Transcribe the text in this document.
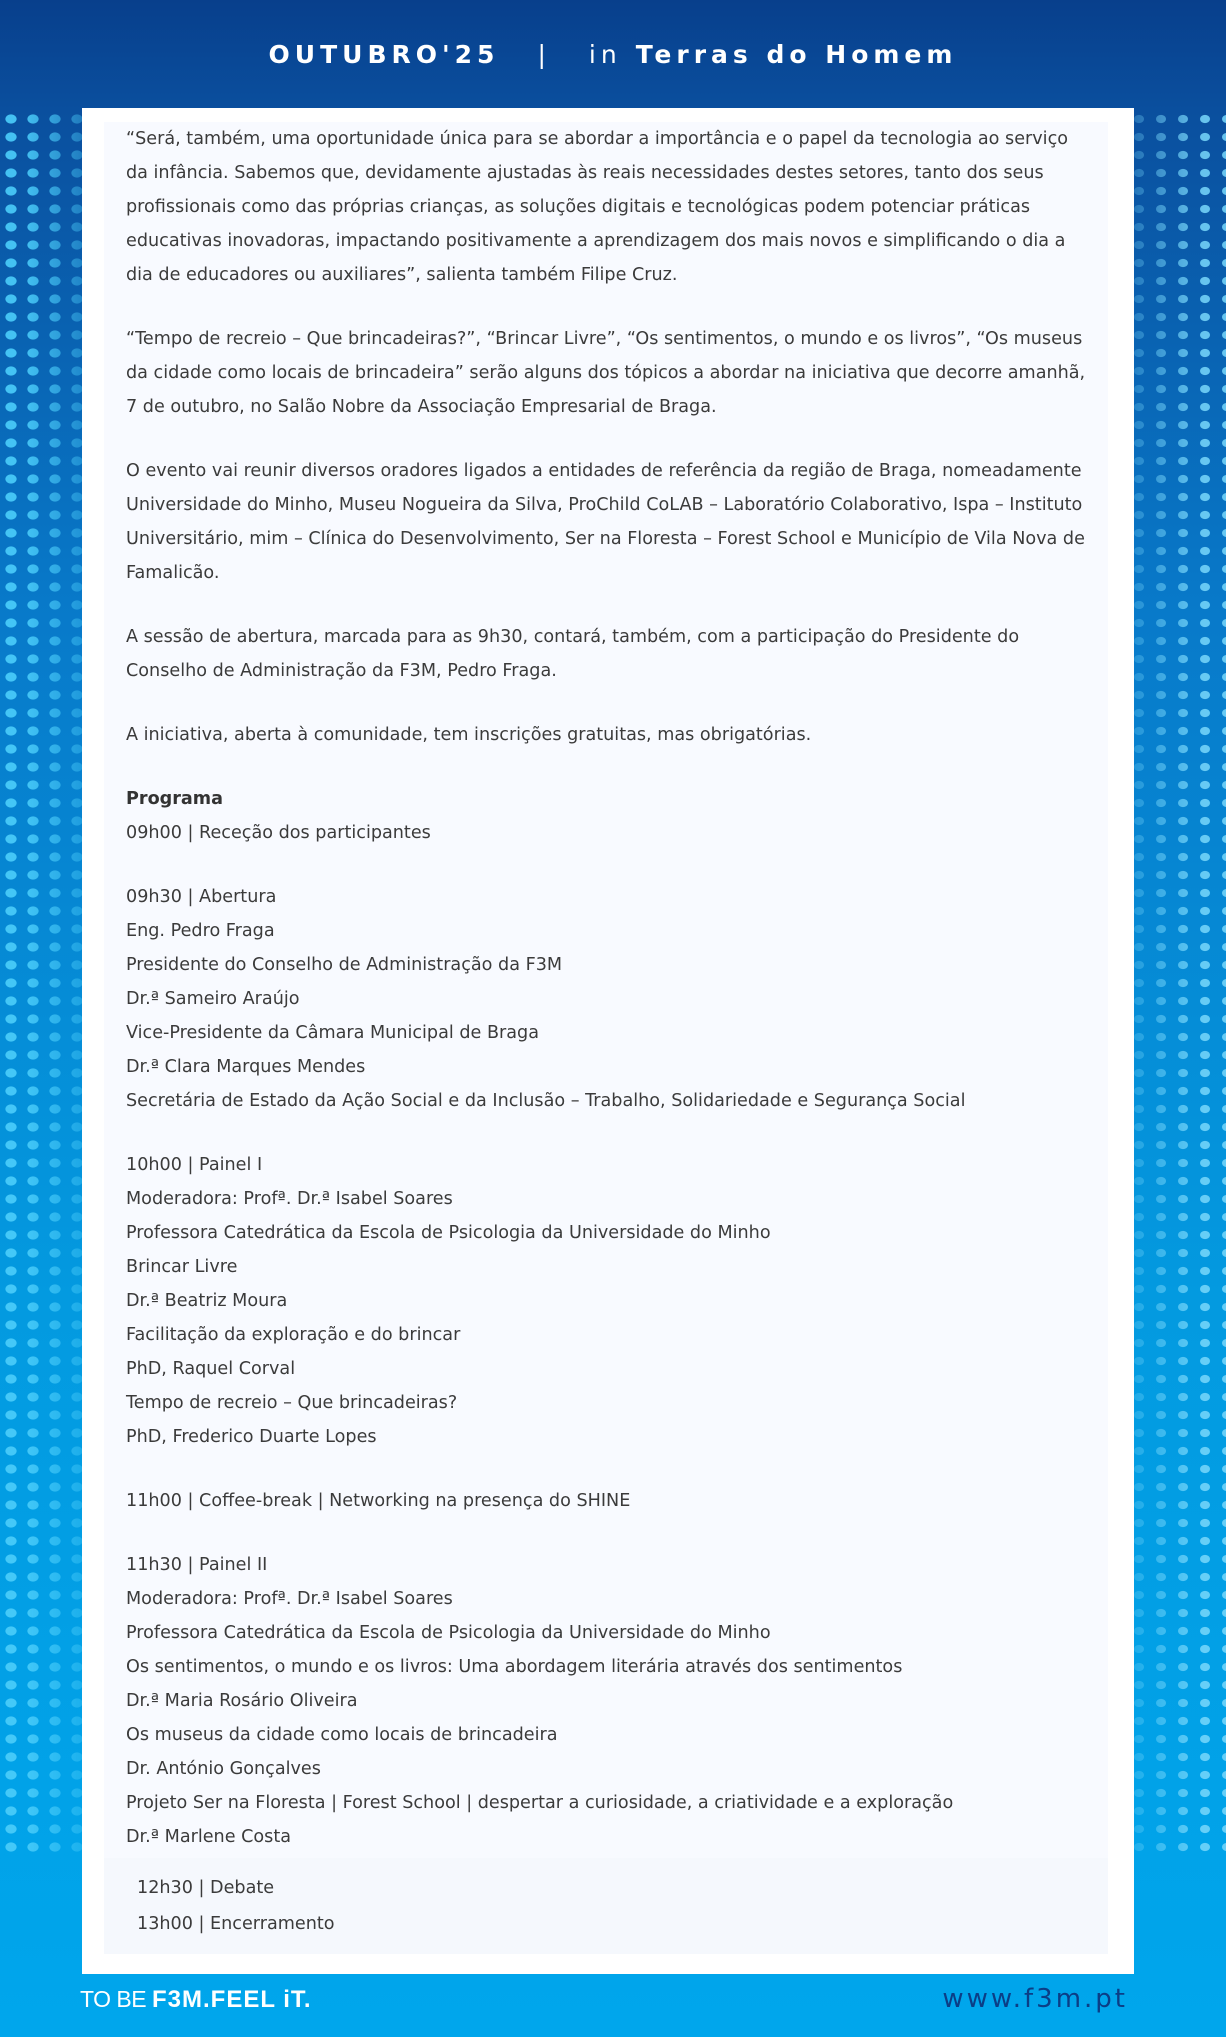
OUTUBRO'25 | in Terras do Homem

“Será, também, uma oportunidade única para se abordar a importância e o papel da tecnologia ao serviço da infância. Sabemos que, devidamente ajustadas às reais necessidades destes setores, tanto dos seus profissionais como das próprias crianças, as soluções digitais e tecnológicas podem potenciar práticas educativas inovadoras, impactando positivamente a aprendizagem dos mais novos e simplificando o dia a dia de educadores ou auxiliares”, salienta também Filipe Cruz.

“Tempo de recreio – Que brincadeiras?”, “Brincar Livre”, “Os sentimentos, o mundo e os livros”, “Os museus da cidade como locais de brincadeira” serão alguns dos tópicos a abordar na iniciativa que decorre amanhã, 7 de outubro, no Salão Nobre da Associação Empresarial de Braga.

O evento vai reunir diversos oradores ligados a entidades de referência da região de Braga, nomeadamente Universidade do Minho, Museu Nogueira da Silva, ProChild CoLAB – Laboratório Colaborativo, Ispa – Instituto Universitário, mim – Clínica do Desenvolvimento, Ser na Floresta – Forest School e Município de Vila Nova de Famalicão.

A sessão de abertura, marcada para as 9h30, contará, também, com a participação do Presidente do Conselho de Administração da F3M, Pedro Fraga.

A iniciativa, aberta à comunidade, tem inscrições gratuitas, mas obrigatórias.

Programa
09h00 | Receção dos participantes
09h30 | Abertura
Eng. Pedro Fraga
Presidente do Conselho de Administração da F3M
Dr.ª Sameiro Araújo
Vice-Presidente da Câmara Municipal de Braga
Dr.ª Clara Marques Mendes
Secretária de Estado da Ação Social e da Inclusão – Trabalho, Solidariedade e Segurança Social
10h00 | Painel I
Moderadora: Profª. Dr.ª Isabel Soares
Professora Catedrática da Escola de Psicologia da Universidade do Minho
Brincar Livre
Dr.ª Beatriz Moura
Facilitação da exploração e do brincar
PhD, Raquel Corval
Tempo de recreio – Que brincadeiras?
PhD, Frederico Duarte Lopes
11h00 | Coffee-break | Networking na presença do SHINE
11h30 | Painel II
Moderadora: Profª. Dr.ª Isabel Soares
Professora Catedrática da Escola de Psicologia da Universidade do Minho
Os sentimentos, o mundo e os livros: Uma abordagem literária através dos sentimentos
Dr.ª Maria Rosário Oliveira
Os museus da cidade como locais de brincadeira
Dr. António Gonçalves
Projeto Ser na Floresta | Forest School | despertar a curiosidade, a criatividade e a exploração
Dr.ª Marlene Costa
12h30 | Debate
13h00 | Encerramento
TO BE F3M.FEEL iT.	www.f3m.pt
